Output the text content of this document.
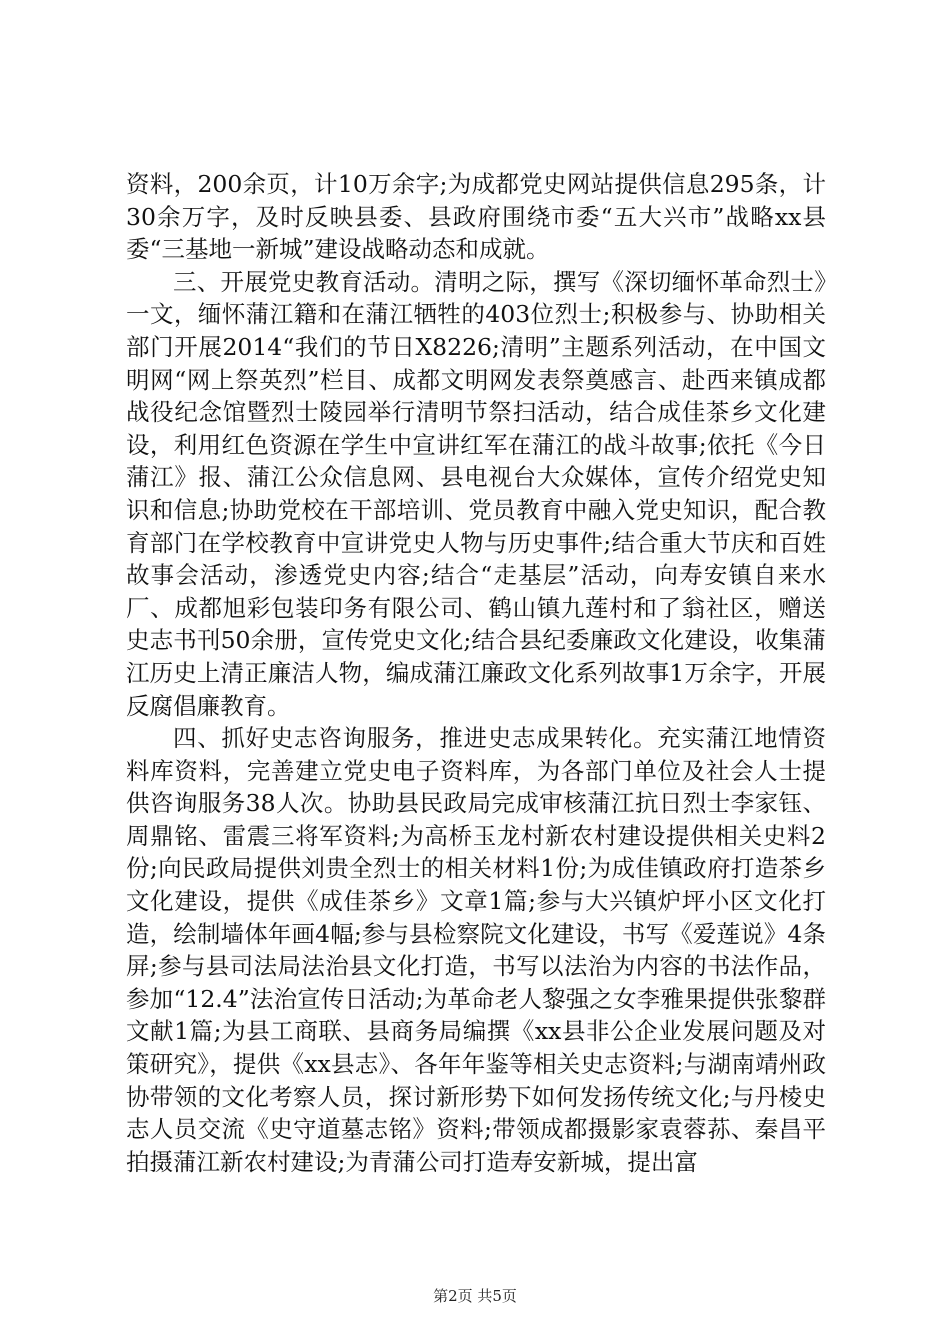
资料，200余页，计10万余字;为成都党史网站提供信息295条，计30余万字，及时反映县委、县政府围绕市委“五大兴市”战略xx县委“三基地一新城”建设战略动态和成就。

三、开展党史教育活动。清明之际，撰写《深切缅怀革命烈士》一文，缅怀蒲江籍和在蒲江牺牲的403位烈士;积极参与、协助相关部门开展2014“我们的节日X8226;清明”主题系列活动，在中国文明网“网上祭英烈”栏目、成都文明网发表祭奠感言、赴西来镇成都战役纪念馆暨烈士陵园举行清明节祭扫活动，结合成佳茶乡文化建设，利用红色资源在学生中宣讲红军在蒲江的战斗故事;依托《今日蒲江》报、蒲江公众信息网、县电视台大众媒体，宣传介绍党史知识和信息;协助党校在干部培训、党员教育中融入党史知识，配合教育部门在学校教育中宣讲党史人物与历史事件;结合重大节庆和百姓故事会活动，渗透党史内容;结合“走基层”活动，向寿安镇自来水厂、成都旭彩包装印务有限公司、鹤山镇九莲村和了翁社区，赠送史志书刊50余册，宣传党史文化;结合县纪委廉政文化建设，收集蒲江历史上清正廉洁人物，编成蒲江廉政文化系列故事1万余字，开展反腐倡廉教育。

四、抓好史志咨询服务，推进史志成果转化。充实蒲江地情资料库资料，完善建立党史电子资料库，为各部门单位及社会人士提供咨询服务38人次。协助县民政局完成审核蒲江抗日烈士李家钰、周鼎铭、雷震三将军资料;为高桥玉龙村新农村建设提供相关史料2份;向民政局提供刘贵全烈士的相关材料1份;为成佳镇政府打造茶乡文化建设，提供《成佳茶乡》文章1篇;参与大兴镇炉坪小区文化打造，绘制墙体年画4幅;参与县检察院文化建设，书写《爱莲说》4条屏;参与县司法局法治县文化打造，书写以法治为内容的书法作品，参加“12.4”法治宣传日活动;为革命老人黎强之女李雅果提供张黎群文献1篇;为县工商联、县商务局编撰《xx县非公企业发展问题及对策研究》，提供《xx县志》、各年年鉴等相关史志资料;与湖南靖州政协带领的文化考察人员，探讨新形势下如何发扬传统文化;与丹棱史志人员交流《史守道墓志铭》资料;带领成都摄影家袁蓉荪、秦昌平拍摄蒲江新农村建设;为青蒲公司打造寿安新城，提出富

第2页 共5页
